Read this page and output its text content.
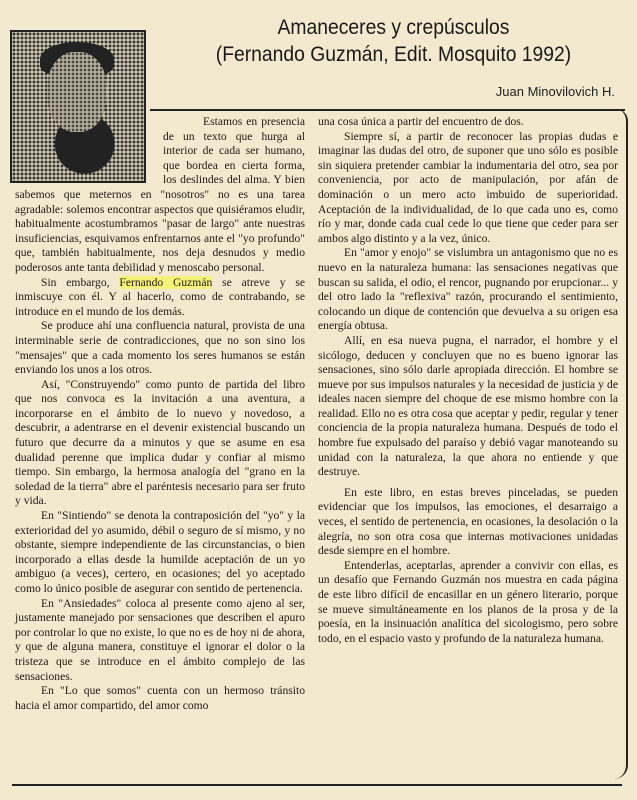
Amaneceres y crepúsculos
(Fernando Guzmán, Edit. Mosquito 1992)
Juan Minovilovich H.

Estamos en presencia de un texto que hurga al interior de cada ser humano, que bordea en cierta forma, los deslindes del alma. Y bien sabemos que meternos en "nosotros" no es una tarea agradable: solemos encontrar aspectos que quisiéramos eludir, habitualmente acostumbramos "pasar de largo" ante nuestras insuficiencias, esquivamos enfrentarnos ante el "yo profundo" que, también habitualmente, nos deja desnudos y medio poderosos ante tanta debilidad y menoscabo personal.

Sin embargo, Fernando Guzmán se atreve y se inmiscuye con él. Y al hacerlo, como de contrabando, se introduce en el mundo de los demás.

Se produce ahí una confluencia natural, provista de una interminable serie de contradicciones, que no son sino los "mensajes" que a cada momento los seres humanos se están enviando los unos a los otros.

Así, "Construyendo" como punto de partida del libro que nos convoca es la invitación a una aventura, a incorporarse en el ámbito de lo nuevo y novedoso, a descubrir, a adentrarse en el devenir existencial buscando un futuro que decurre da a minutos y que se asume en esa dualidad perenne que implica dudar y confiar al mismo tiempo. Sin embargo, la hermosa analogía del "grano en la soledad de la tierra" abre el paréntesis necesario para ser fruto y vida.

En "Sintiendo" se denota la contraposición del "yo" y la exterioridad del yo asumido, débil o seguro de sí mismo, y no obstante, siempre independiente de las circunstancias, o bien incorporado a ellas desde la humilde aceptación de un yo ambiguo (a veces), certero, en ocasiones; del yo aceptado como lo único posible de asegurar con sentido de pertenencia.

En "Ansiedades" coloca al presente como ajeno al ser, justamente manejado por sensaciones que describen el apuro por controlar lo que no existe, lo que no es de hoy ni de ahora, y que de alguna manera, constituye el ignorar el dolor o la tristeza que se introduce en el ámbito complejo de las sensaciones.

En "Lo que somos" cuenta con un hermoso tránsito hacia el amor compartido, del amor como

una cosa única a partir del encuentro de dos.

Siempre sí, a partir de reconocer las propias dudas e imaginar las dudas del otro, de suponer que uno sólo es posible sin siquiera pretender cambiar la indumentaria del otro, sea por conveniencia, por acto de manipulación, por afán de dominación o un mero acto imbuido de superioridad. Aceptación de la individualidad, de lo que cada uno es, como río y mar, donde cada cual cede lo que tiene que ceder para ser ambos algo distinto y a la vez, único.

En "amor y enojo" se vislumbra un antagonismo que no es nuevo en la naturaleza humana: las sensaciones negativas que buscan su salida, el odio, el rencor, pugnando por erupcionar... y del otro lado la "reflexiva" razón, procurando el sentimiento, colocando un dique de contención que devuelva a su origen esa energía obtusa.

Allí, en esa nueva pugna, el narrador, el hombre y el sicólogo, deducen y concluyen que no es bueno ignorar las sensaciones, sino sólo darle apropiada dirección. El hombre se mueve por sus impulsos naturales y la necesidad de justicia y de ideales nacen siempre del choque de ese mismo hombre con la realidad. Ello no es otra cosa que aceptar y pedir, regular y tener conciencia de la propia naturaleza humana. Después de todo el hombre fue expulsado del paraíso y debió vagar manoteando su unidad con la naturaleza, la que ahora no entiende y que destruye.

En este libro, en estas breves pinceladas, se pueden evidenciar que los impulsos, las emociones, el desarraigo a veces, el sentido de pertenencia, en ocasiones, la desolación o la alegría, no son otra cosa que internas motivaciones unidadas desde siempre en el hombre.

Entenderlas, aceptarlas, aprender a convivir con ellas, es un desafío que Fernando Guzmán nos muestra en cada página de este libro difícil de encasillar en un género literario, porque se mueve simultáneamente en los planos de la prosa y de la poesía, en la insinuación analítica del sicologismo, pero sobre todo, en el espacio vasto y profundo de la naturaleza humana.
